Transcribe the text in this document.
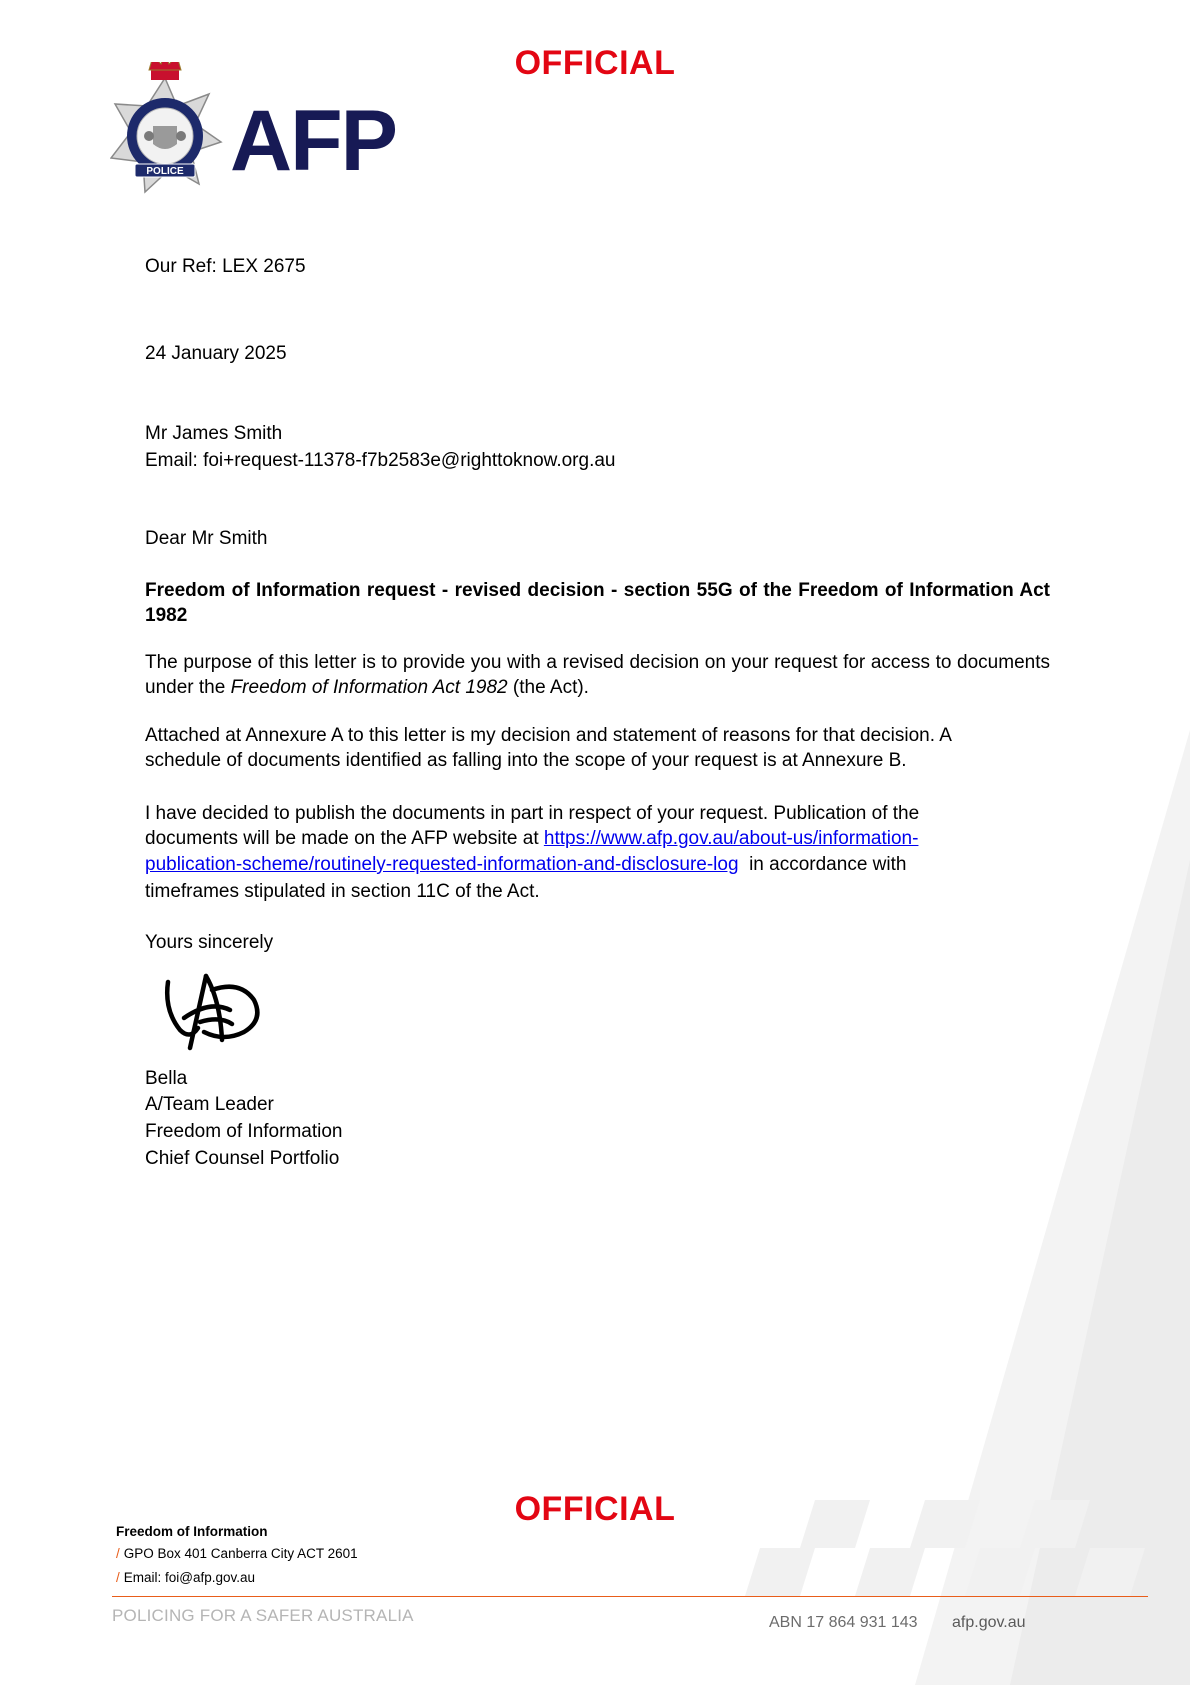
OFFICIAL
POLICE AFP
Our Ref: LEX 2675
24 January 2025
Mr James Smith
Email: foi+request-11378-f7b2583e@righttoknow.org.au
Dear Mr Smith
Freedom of Information request - revised decision - section 55G of the Freedom of Information Act 1982
The purpose of this letter is to provide you with a revised decision on your request for access to documents under the Freedom of Information Act 1982 (the Act).
Attached at Annexure A to this letter is my decision and statement of reasons for that decision. A
schedule of documents identified as falling into the scope of your request is at Annexure B.
I have decided to publish the documents in part in respect of your request. Publication of the
documents will be made on the AFP website at https://www.afp.gov.au/about-us/information-
publication-scheme/routinely-requested-information-and-disclosure-log  in accordance with
timeframes stipulated in section 11C of the Act.
Yours sincerely
Bella
A/Team Leader
Freedom of Information
Chief Counsel Portfolio
OFFICIAL
Freedom of Information
/ GPO Box 401 Canberra City ACT 2601
/ Email: foi@afp.gov.au
POLICING FOR A SAFER AUSTRALIA	ABN 17 864 931 143 afp.gov.au
